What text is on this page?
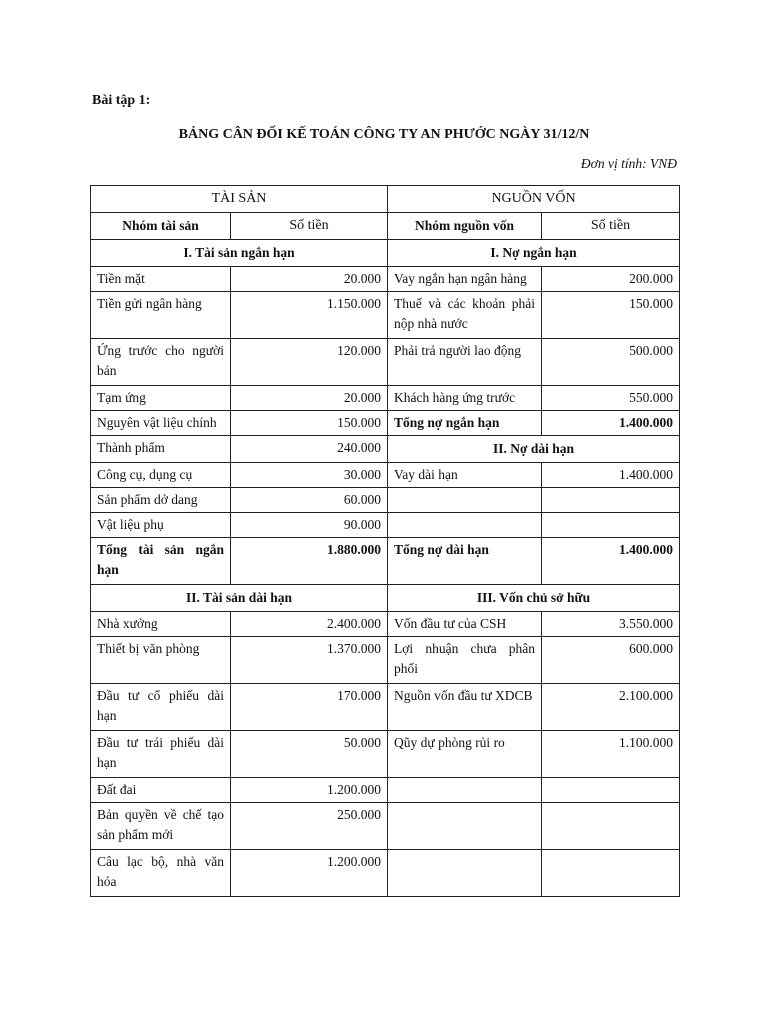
Bài tập 1:
BẢNG CÂN ĐỐI KẾ TOÁN CÔNG TY AN PHƯỚC NGÀY 31/12/N
Đơn vị tính: VNĐ
TÀI SẢN		NGUỒN VỐN	
Nhóm tài sản	Số tiền	Nhóm nguồn vốn	Số tiền
I. Tài sản ngắn hạn		I. Nợ ngắn hạn	
Tiền mặt	20.000	Vay ngắn hạn ngân hàng	200.000
Tiền gửi ngân hàng	1.150.000	Thuế và các khoản phải nộp nhà nước	150.000
Ứng trước cho người bán	120.000	Phải trả người lao động	500.000
Tạm ứng	20.000	Khách hàng ứng trước	550.000
Nguyên vật liệu chính	150.000	Tổng nợ ngắn hạn	1.400.000
Thành phẩm	240.000	II. Nợ dài hạn	
Công cụ, dụng cụ	30.000	Vay dài hạn	1.400.000
Sản phẩm dở dang	60.000		
Vật liệu phụ	90.000		
Tổng tài sản ngắn hạn	1.880.000	Tổng nợ dài hạn	1.400.000
II. Tài sản dài hạn		III. Vốn chủ sở hữu	
Nhà xưởng	2.400.000	Vốn đầu tư của CSH	3.550.000
Thiết bị văn phòng	1.370.000	Lợi nhuận chưa phân phối	600.000
Đầu tư cổ phiếu dài hạn	170.000	Nguồn vốn đầu tư XDCB	2.100.000
Đầu tư trái phiếu dài hạn	50.000	Qũy dự phòng rủi ro	1.100.000
Đất đai	1.200.000		
Bản quyền về chế tạo sản phẩm mới	250.000		
Câu lạc bộ, nhà văn hóa	1.200.000		
